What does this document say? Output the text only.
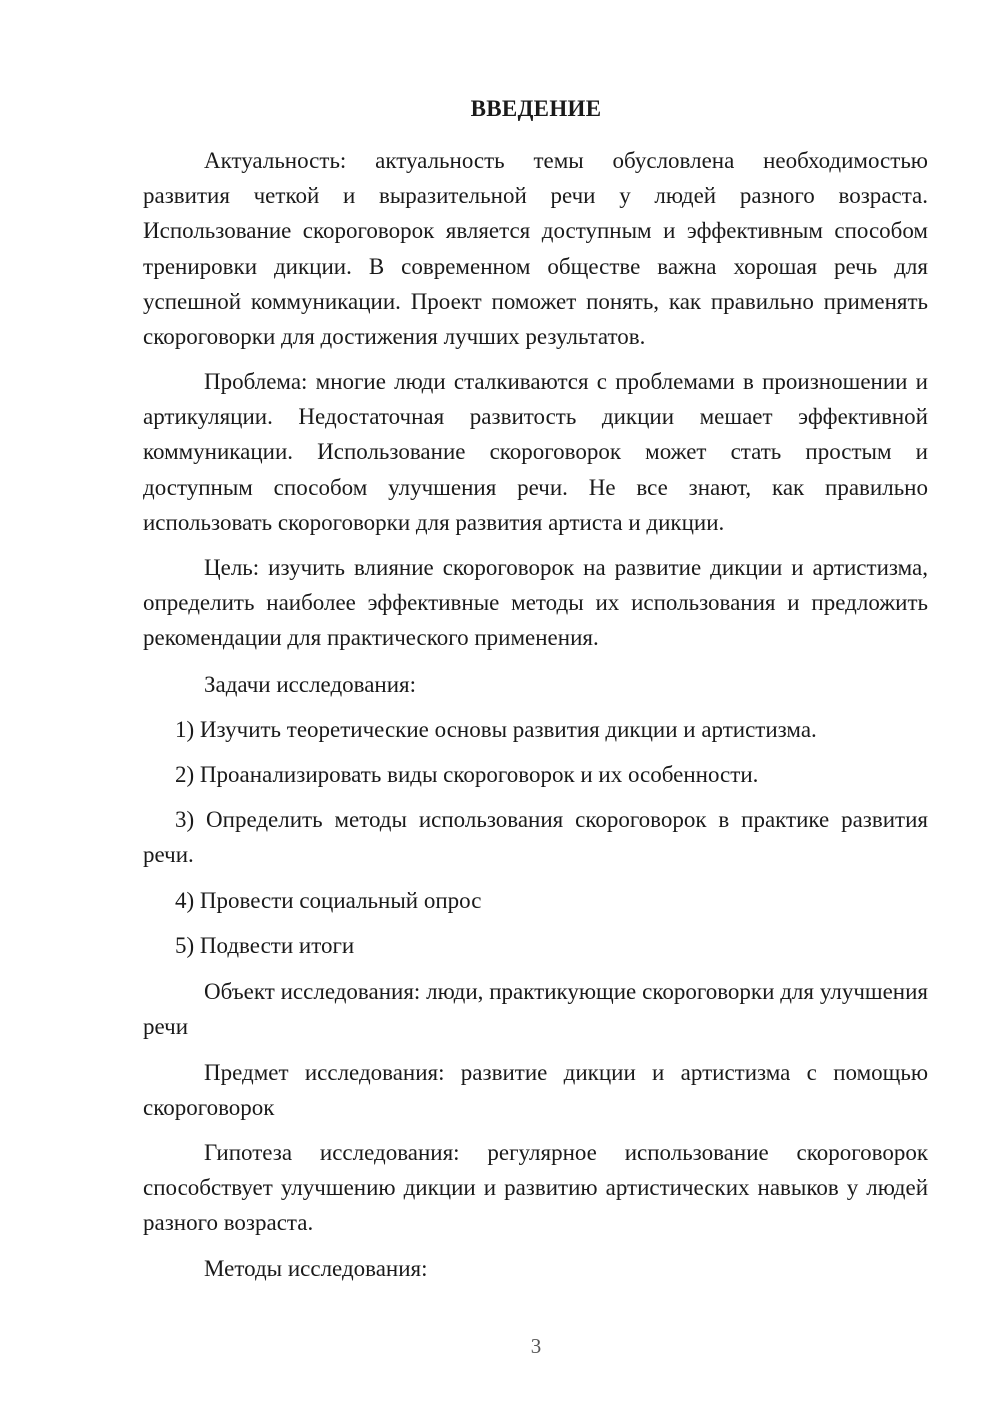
ВВЕДЕНИЕ

Актуальность: актуальность темы обусловлена необходимостью развития четкой и выразительной речи у людей разного возраста. Использование скороговорок является доступным и эффективным способом тренировки дикции. В современном обществе важна хорошая речь для успешной коммуникации. Проект поможет понять, как правильно применять скороговорки для достижения лучших результатов.

Проблема: многие люди сталкиваются с проблемами в произношении и артикуляции. Недостаточная развитость дикции мешает эффективной коммуникации. Использование скороговорок может стать простым и доступным способом улучшения речи. Не все знают, как правильно использовать скороговорки для развития артиста и дикции.

Цель: изучить влияние скороговорок на развитие дикции и артистизма, определить наиболее эффективные методы их использования и предложить рекомендации для практического применения.

Задачи исследования:

1) Изучить теоретические основы развития дикции и артистизма.

2) Проанализировать виды скороговорок и их особенности.

3) Определить методы использования скороговорок в практике развития речи.

4) Провести социальный опрос

5) Подвести итоги

Объект исследования: люди, практикующие скороговорки для улучшения речи

Предмет исследования: развитие дикции и артистизма с помощью скороговорок

Гипотеза исследования: регулярное использование скороговорок способствует улучшению дикции и развитию артистических навыков у людей разного возраста.

Методы исследования:

3
